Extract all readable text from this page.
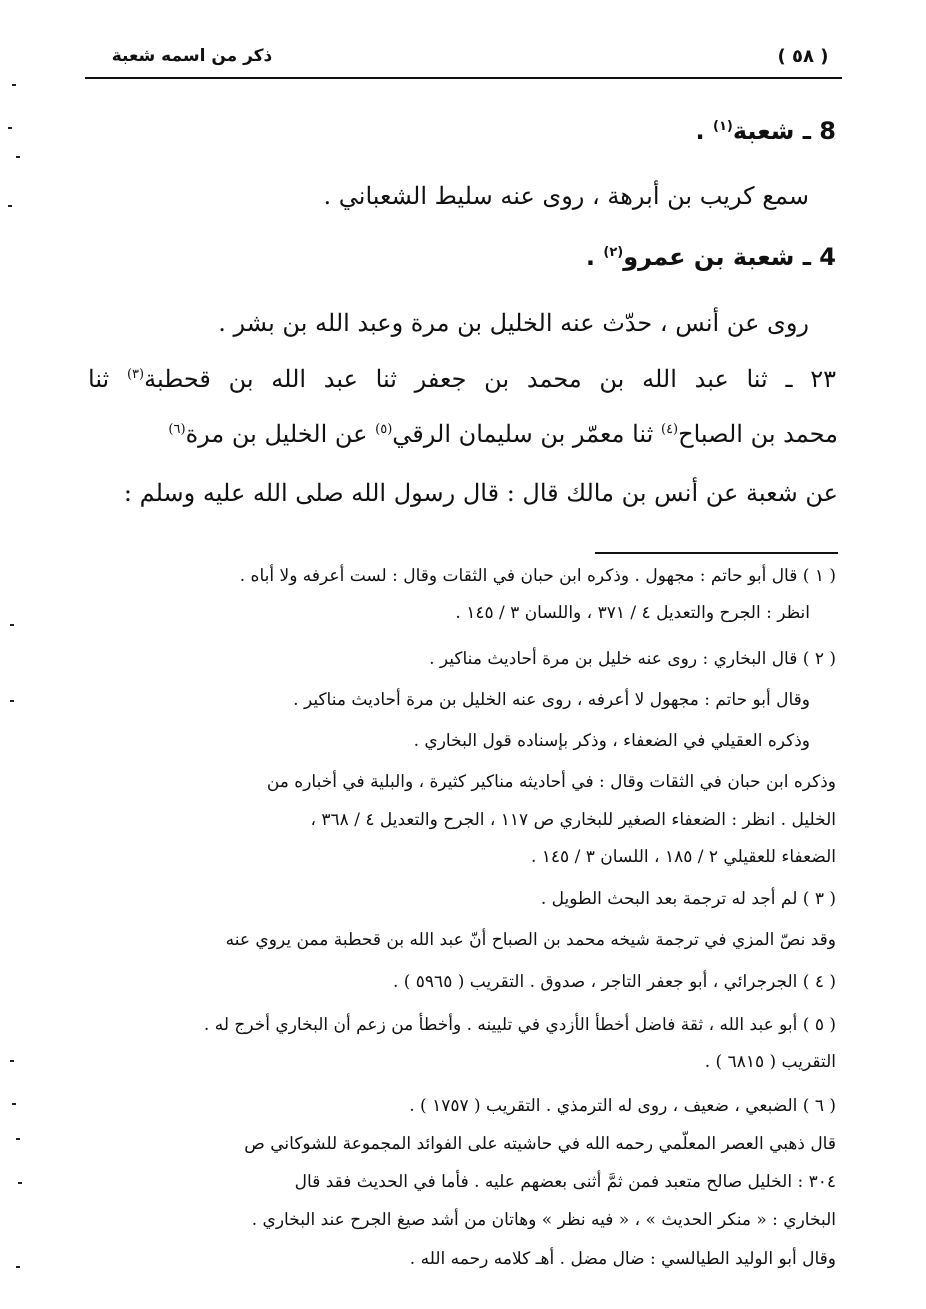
( ٥٨ )
ذكر من اسمه شعبة
8 ـ شعبة$^{(١)}$ .
سمع كريب بن أبرهة ، روى عنه سليط الشعباني .
4 ـ شعبة بن عمرو$^{(٢)}$ .
روى عن أنس ، حدّث عنه الخليل بن مرة وعبد الله بن بشر .
٢٣ ـ ثنا عبد الله بن محمد بن جعفر ثنا عبد الله بن قحطبة$^{(٣)}$ ثنا
محمد بن الصباح$^{(٤)}$ ثنا معمّر بن سليمان الرقي$^{(٥)}$ عن الخليل بن مرة$^{(٦)}$
عن شعبة عن أنس بن مالك قال : قال رسول الله صلى الله عليه وسلم :
( ١ ) قال أبو حاتم : مجهول . وذكره ابن حبان في الثقات وقال : لست أعرفه ولا أباه .
انظر : الجرح والتعديل ٤ / ٣٧١ ، واللسان ٣ / ١٤٥ .
( ٢ ) قال البخاري : روى عنه خليل بن مرة أحاديث مناكير .
وقال أبو حاتم : مجهول لا أعرفه ، روى عنه الخليل بن مرة أحاديث مناكير .
وذكره العقيلي في الضعفاء ، وذكر بإسناده قول البخاري .
وذكره ابن حبان في الثقات وقال : في أحاديثه مناكير كثيرة ، والبلية في أخباره من
الخليل . انظر : الضعفاء الصغير للبخاري ص ١١٧ ، الجرح والتعديل ٤ / ٣٦٨ ،
الضعفاء للعقيلي ٢ / ١٨٥ ، اللسان ٣ / ١٤٥ .
( ٣ ) لم أجد له ترجمة بعد البحث الطويل .
وقد نصّ المزي في ترجمة شيخه محمد بن الصباح أنّ عبد الله بن قحطبة ممن يروي عنه
( ٤ ) الجرجرائي ، أبو جعفر التاجر ، صدوق . التقريب ( ٥٩٦٥ ) .
( ٥ ) أبو عبد الله ، ثقة فاضل أخطأ الأزدي في تليينه . وأخطأ من زعم أن البخاري أخرج له .
التقريب ( ٦٨١٥ ) .
( ٦ ) الضبعي ، ضعيف ، روى له الترمذي . التقريب ( ١٧٥٧ ) .
قال ذهبي العصر المعلّمي رحمه الله في حاشيته على الفوائد المجموعة للشوكاني ص
٣٠٤ : الخليل صالح متعبد فمن ثمَّ أثنى بعضهم عليه . فأما في الحديث فقد قال
البخاري : « منكر الحديث » ، « فيه نظر » وهاتان من أشد صيغ الجرح عند البخاري .
وقال أبو الوليد الطيالسي : ضال مضل . أهـ كلامه رحمه الله .
